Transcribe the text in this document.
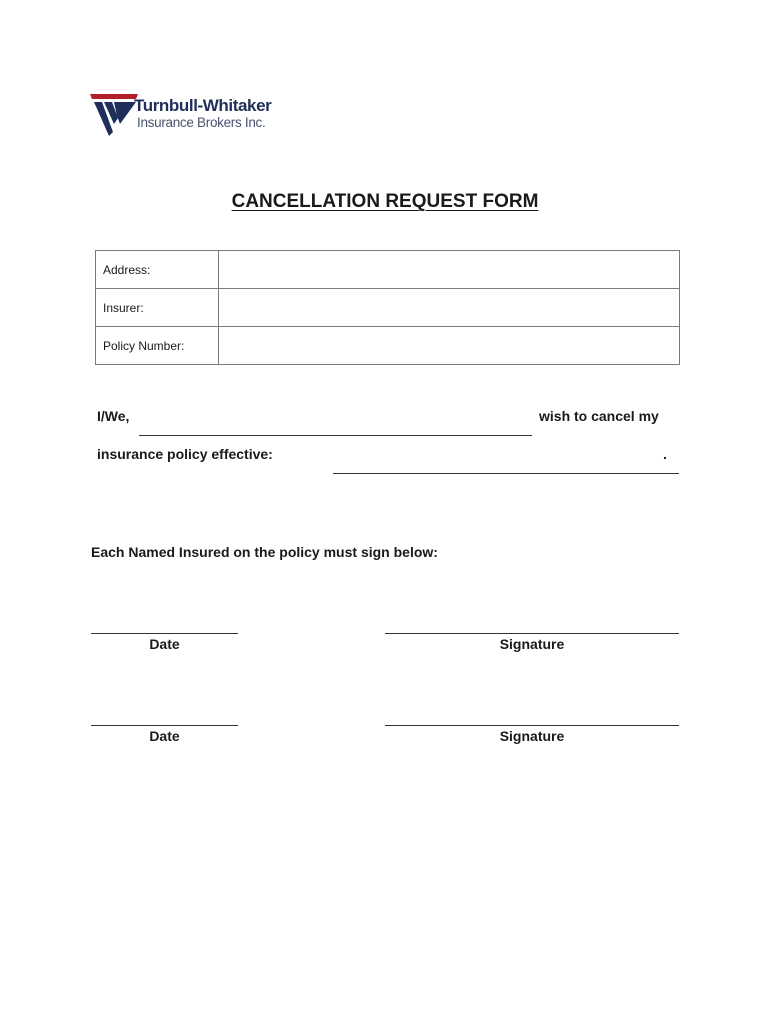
Turnbull-Whitaker
Insurance Brokers Inc.
CANCELLATION REQUEST FORM
Address:	
Insurer:	
Policy Number:	
I/We,	wish to cancel my
insurance policy effective:	.
Each Named Insured on the policy must sign below:
Date	Signature
Date	Signature
